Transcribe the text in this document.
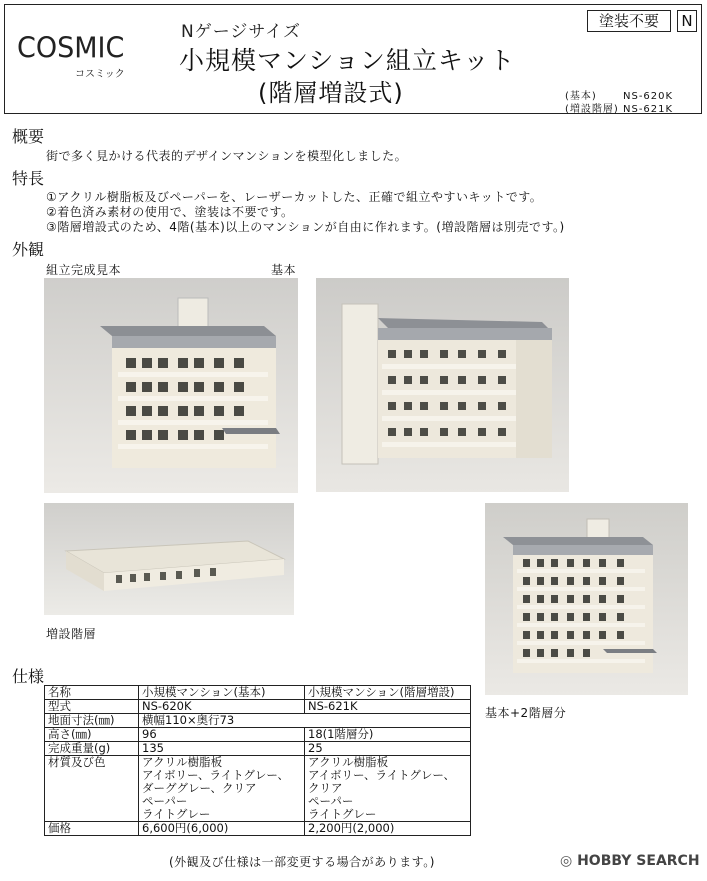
COSMIC
コスミック
Nゲージサイズ
小規模マンション組立キット
(階層増設式)
塗装不要	N
(基本)	NS-620K
(増設階層) NS-621K
概要
街で多く見かける代表的デザインマンションを模型化しました。
特長
①アクリル樹脂板及びペーパーを、レーザーカットした、正確で組立やすいキットです。
②着色済み素材の使用で、塗装は不要です。
③階層増設式のため、4階(基本)以上のマンションが自由に作れます。(増設階層は別売です。)
外観
組立完成見本	基本
増設階層
基本+2階層分
仕様
名称	小規模マンション(基本)	小規模マンション(階層増設)
型式	NS-620K	NS-621K
地面寸法(㎜)	横幅110×奥行73	
高さ(㎜)	96	18(1階層分)
完成重量(g)	135	25
材質及び色	アクリル樹脂板
アイボリー、ライトグレー、
ダーググレー、クリア
ペーパー
ライトグレー	アクリル樹脂板
アイボリー、ライトグレー、
クリア
ペーパー
ライトグレー

価格	6,600円(6,000)	2,200円(2,000)
(外観及び仕様は一部変更する場合があります。)	◎ HOBBY SEARCH
